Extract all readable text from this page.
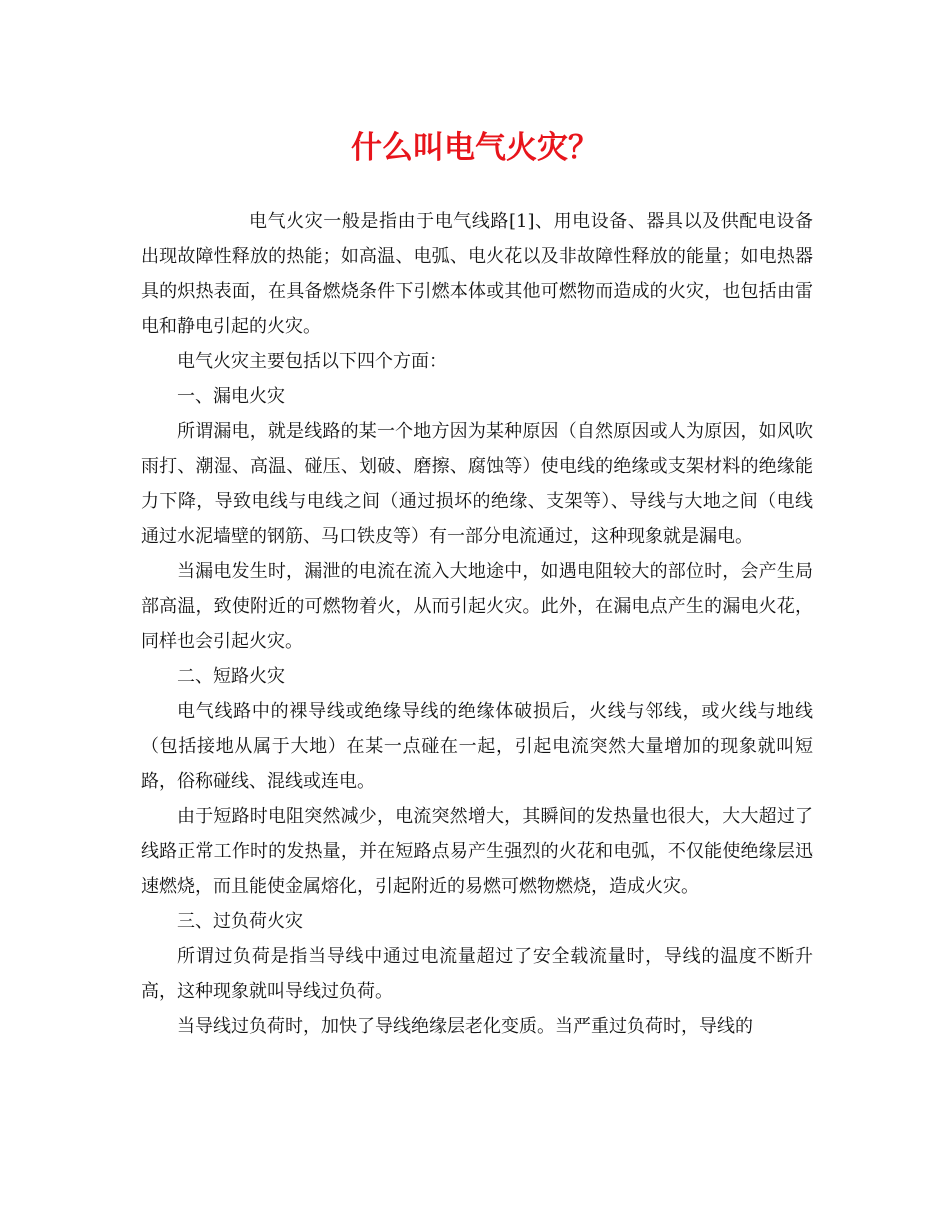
什么叫电气火灾？

电气火灾一般是指由于电气线路[1]、用电设备、器具以及供配电设备出现故障性释放的热能；如高温、电弧、电火花以及非故障性释放的能量；如电热器具的炽热表面，在具备燃烧条件下引燃本体或其他可燃物而造成的火灾，也包括由雷电和静电引起的火灾。

电气火灾主要包括以下四个方面：

一、漏电火灾

所谓漏电，就是线路的某一个地方因为某种原因（自然原因或人为原因，如风吹雨打、潮湿、高温、碰压、划破、磨擦、腐蚀等）使电线的绝缘或支架材料的绝缘能力下降，导致电线与电线之间（通过损坏的绝缘、支架等）、导线与大地之间（电线通过水泥墙壁的钢筋、马口铁皮等）有一部分电流通过，这种现象就是漏电。

当漏电发生时，漏泄的电流在流入大地途中，如遇电阻较大的部位时，会产生局部高温，致使附近的可燃物着火，从而引起火灾。此外，在漏电点产生的漏电火花，同样也会引起火灾。

二、短路火灾

电气线路中的裸导线或绝缘导线的绝缘体破损后，火线与邻线，或火线与地线（包括接地从属于大地）在某一点碰在一起，引起电流突然大量增加的现象就叫短路，俗称碰线、混线或连电。

由于短路时电阻突然减少，电流突然增大，其瞬间的发热量也很大，大大超过了线路正常工作时的发热量，并在短路点易产生强烈的火花和电弧，不仅能使绝缘层迅速燃烧，而且能使金属熔化，引起附近的易燃可燃物燃烧，造成火灾。

三、过负荷火灾

所谓过负荷是指当导线中通过电流量超过了安全载流量时，导线的温度不断升高，这种现象就叫导线过负荷。

当导线过负荷时，加快了导线绝缘层老化变质。当严重过负荷时，导线的
